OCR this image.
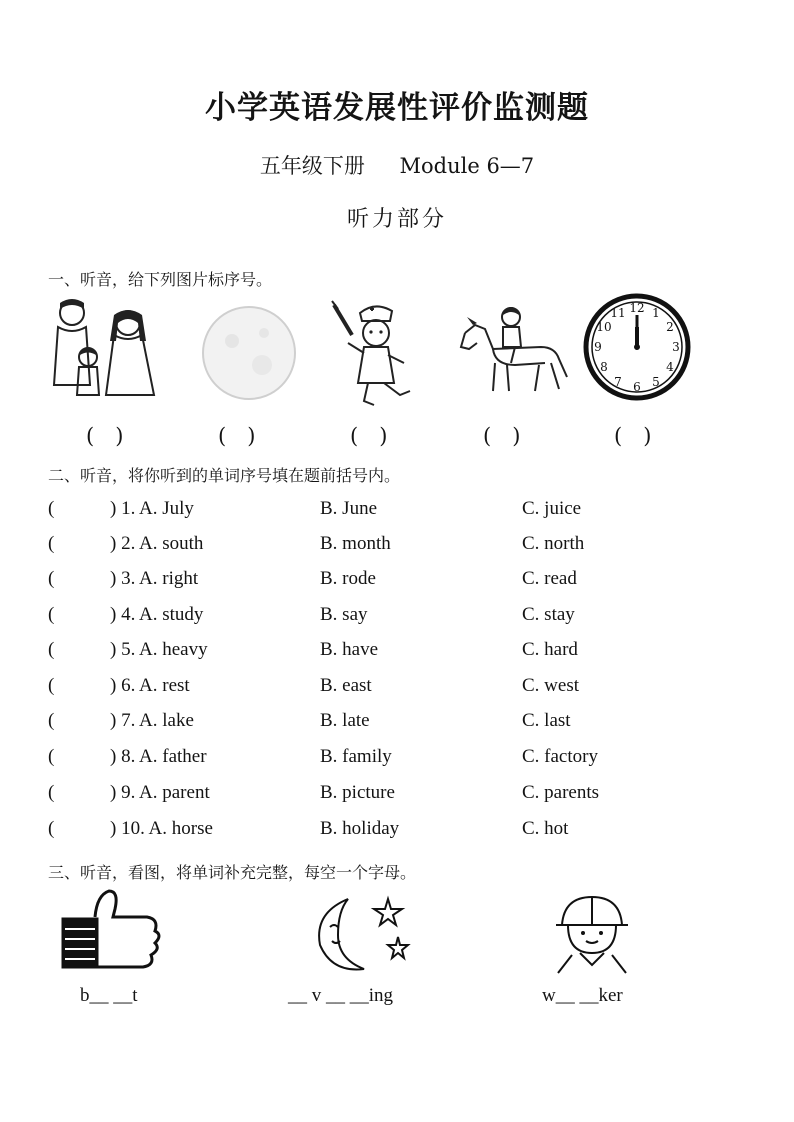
小学英语发展性评价监测题
五年级下册 Module 6—7
听力部分
一、听音，给下列图片标序号。
12 1
2
3
4
5
6
7
8
9
10
11
(　)	(　)	(　)	(　)	(　)
二、听音，将你听到的单词序号填在题前括号内。
(	) 1. A. July	B. June	C. juice
(	) 2. A. south	B. month	C. north
(	) 3. A. right	B. rode	C. read
(	) 4. A. study	B. say	C. stay
(	) 5. A. heavy	B. have	C. hard
(	) 6. A. rest	B. east	C. west
(	) 7. A. lake	B. late	C. last
(	) 8. A. father	B. family	C. factory
(	) 9. A. parent	B. picture	C. parents
(	) 10. A. horse	B. holiday	C. hot
三、听音，看图，将单词补充完整，每空一个字母。
b__ __t	__ v __ __ing	w__ __ker
